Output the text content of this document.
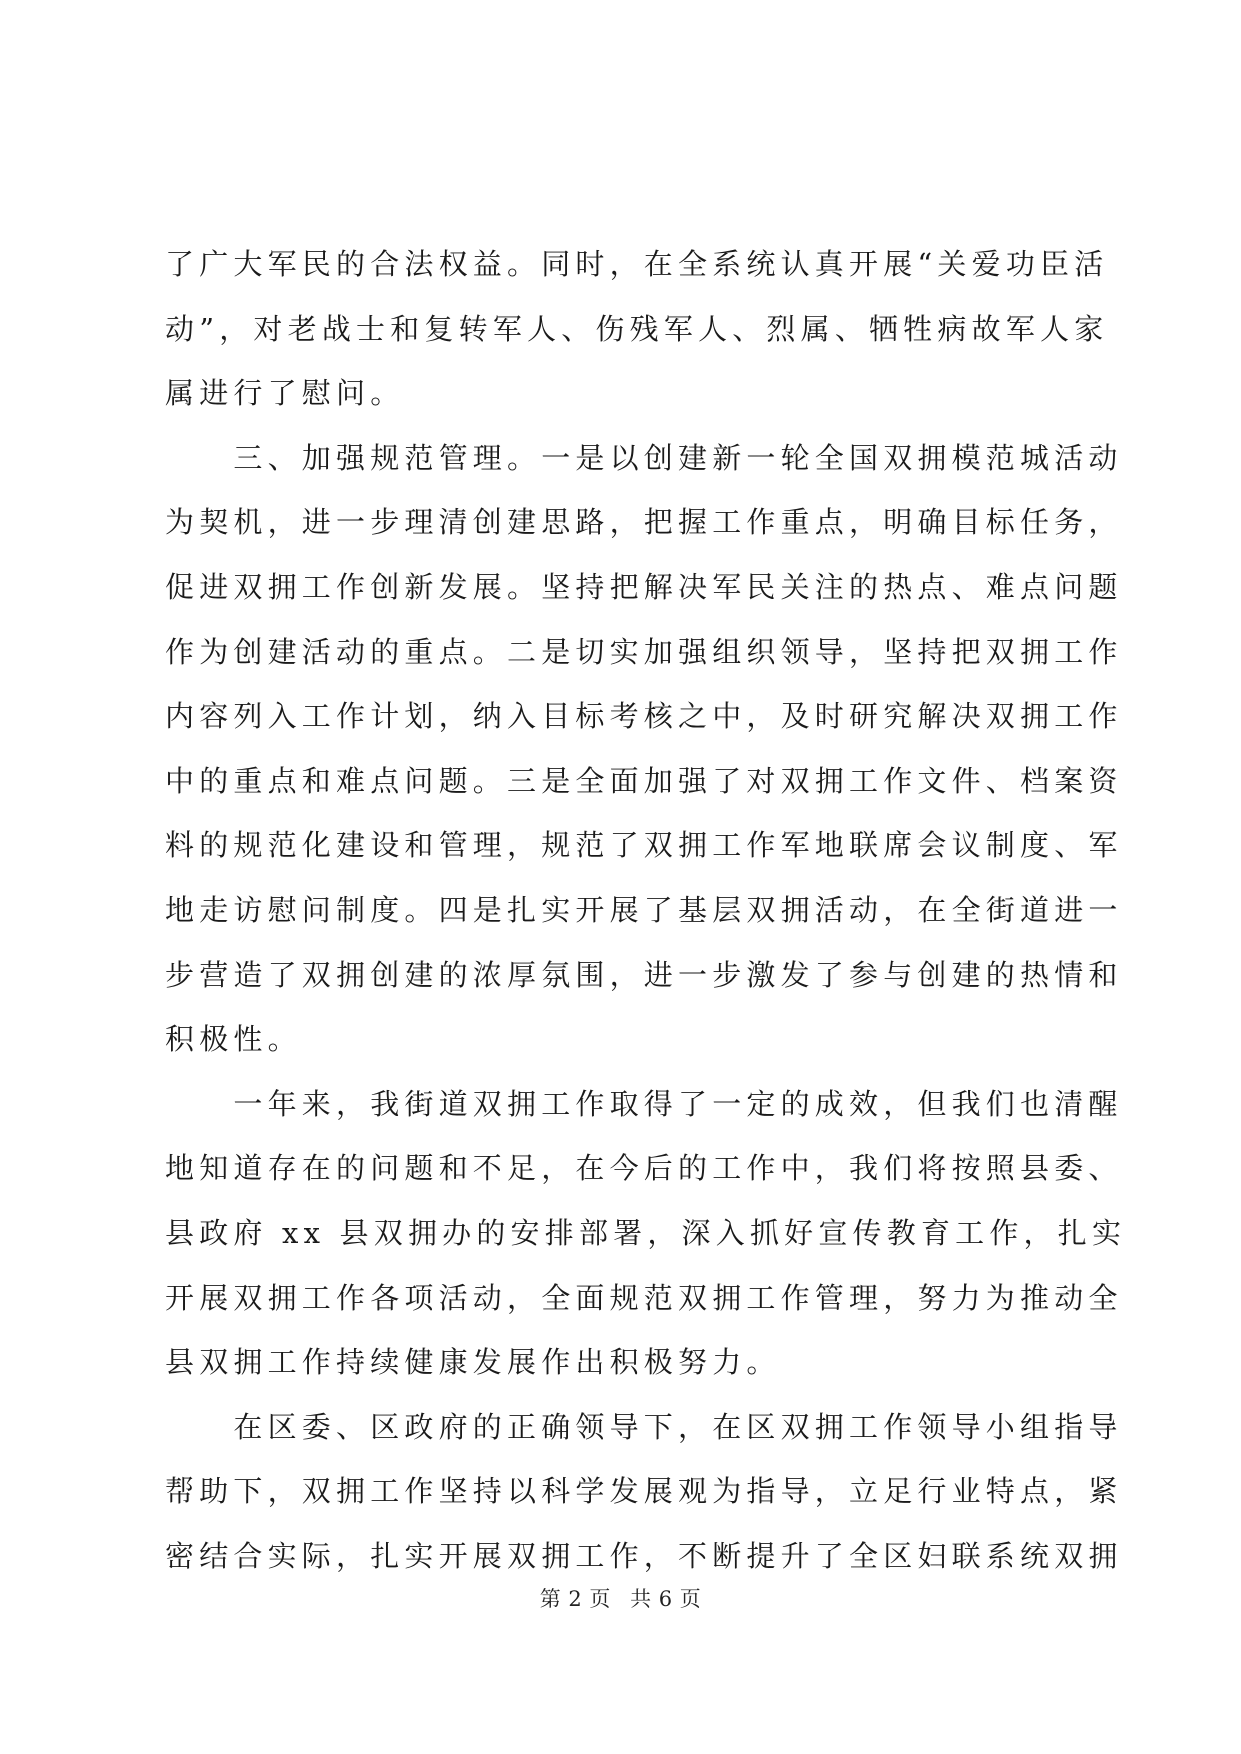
了广大军民的合法权益。同时，在全系统认真开展“关爱功臣活
动”，对老战士和复转军人、伤残军人、烈属、牺牲病故军人家
属进行了慰问。
　　三、加强规范管理。一是以创建新一轮全国双拥模范城活动
为契机，进一步理清创建思路，把握工作重点，明确目标任务，
促进双拥工作创新发展。坚持把解决军民关注的热点、难点问题
作为创建活动的重点。二是切实加强组织领导，坚持把双拥工作
内容列入工作计划，纳入目标考核之中，及时研究解决双拥工作
中的重点和难点问题。三是全面加强了对双拥工作文件、档案资
料的规范化建设和管理，规范了双拥工作军地联席会议制度、军
地走访慰问制度。四是扎实开展了基层双拥活动，在全街道进一
步营造了双拥创建的浓厚氛围，进一步激发了参与创建的热情和
积极性。
　　一年来，我街道双拥工作取得了一定的成效，但我们也清醒
地知道存在的问题和不足，在今后的工作中，我们将按照县委、
县政府 xx 县双拥办的安排部署，深入抓好宣传教育工作，扎实
开展双拥工作各项活动，全面规范双拥工作管理，努力为推动全
县双拥工作持续健康发展作出积极努力。
　　在区委、区政府的正确领导下，在区双拥工作领导小组指导
帮助下，双拥工作坚持以科学发展观为指导，立足行业特点，紧
密结合实际，扎实开展双拥工作，不断提升了全区妇联系统双拥
第 2 页 共 6 页
